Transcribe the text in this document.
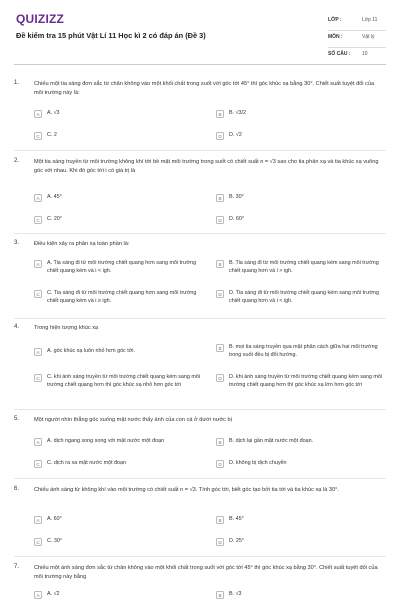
QUIZIZZ
Đề kiểm tra 15 phút Vật Lí 11 Học kì 2 có đáp án (Đề 3)
LỚP :	Lớp 11
MÔN :	Vật lý
SỐ CÂU : 10
1.	Chiếu một tia sáng đơn sắc từ chân không vào một khối chất trong suốt với góc tới 45° thì góc khúc xạ bằng 30°. Chiết suất tuyệt đối của môi trường này là:
A	A. √3	B	B. √3/2
C	C. 2	D	D. √2
2.	Một tia sáng truyền từ môi trường không khí tới bề mặt môi trường trong suốt có chiết suất n = √3 sao cho tia phản xạ và tia khúc xạ vuông góc với nhau. Khi đó góc tới i có giá trị là
A	A. 45°	B	B. 30°
C	C. 20°	D	D. 60°
3.	Điều kiện xảy ra phản xạ toàn phần là:
A	A. Tia sáng đi từ môi trường chiết quang hơn sang môi trường chiết quang kém và i < igh.
B	B. Tia sáng đi từ môi trường chiết quang kém sang môi trường chiết quang hơn và i > igh.
C	C. Tia sáng đi từ môi trường chiết quang hơn sang môi trường chiết quang kém và i ≥ igh.
D	D. Tia sáng đi từ môi trường chiết quang kém sang môi trường chiết quang hơn và i < igh.
4.	Trong hiện tượng khúc xạ
A	A. góc khúc xạ luôn nhỏ hơn góc tới.	B	B. mọi tia sáng truyền qua mặt phân cách giữa hai môi trường trong suốt đều bị đổi hướng.
C	C. khi ánh sáng truyền từ môi trường chiết quang kém sang môi trường chiết quang hơn thì góc khúc xạ nhỏ hơn góc tới
D	D. khi ánh sáng truyền từ môi trường chiết quang kém sang môi trường chiết quang hơn thì góc khúc xạ lớn hơn góc tới
5.	Một người nhìn thẳng góc xuống mặt nước thấy ảnh của con cá ở dưới nước bị
A	A. dịch ngang song song với mặt nước một đoạn	B	B. dịch lại gần mặt nước một đoạn.
C	C. dịch ra xa mặt nước một đoạn	D	D. không bị dịch chuyển
6.	Chiếu ánh sáng từ không khí vào môi trường có chiết suất n = √3. Tính góc tới, biết góc tạo bởi tia tới và tia khúc xạ là 30°.
A	A. 60°	B	B. 45°
C	C. 30°	D	D. 25°
7.	Chiếu một ánh sáng đơn sắc từ chân không vào một khối chất trong suốt với góc tới 45° thì góc khúc xạ bằng 30°. Chiết suất tuyệt đối của môi trường này bằng
A	A. √2	B	B. √3
